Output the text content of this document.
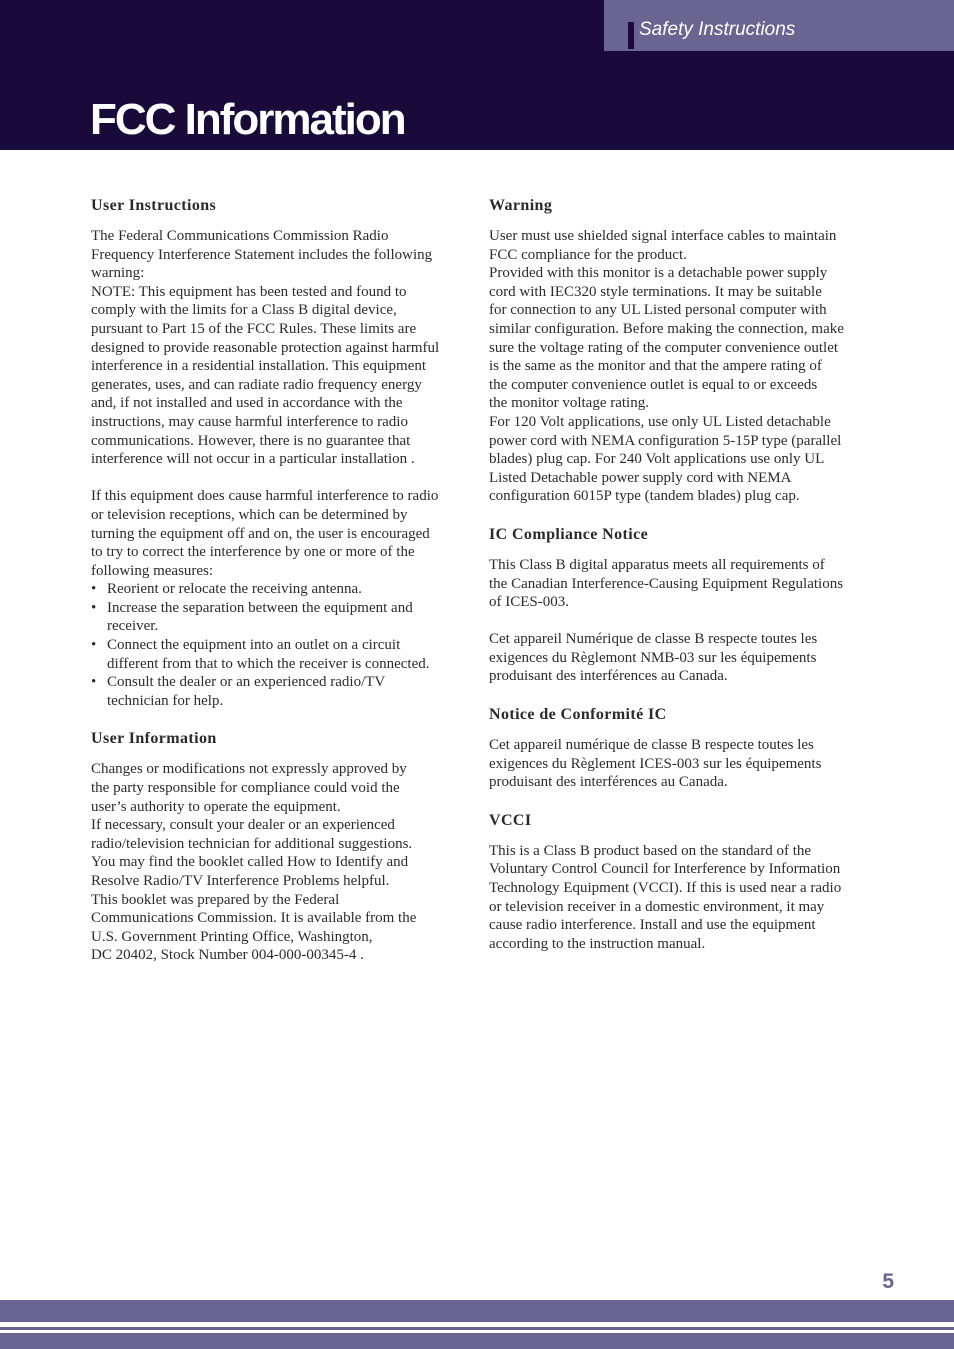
Safety Instructions
FCC Information
User Instructions

The Federal Communications Commission Radio
Frequency Interference Statement includes the following
warning:
NOTE: This equipment has been tested and found to
comply with the limits for a Class B digital device,
pursuant to Part 15 of the FCC Rules. These limits are
designed to provide reasonable protection against harmful
interference in a residential installation. This equipment
generates, uses, and can radiate radio frequency energy
and, if not installed and used in accordance with the
instructions, may cause harmful interference to radio
communications. However, there is no guarantee that
interference will not occur in a particular installation .

If this equipment does cause harmful interference to radio
or television receptions, which can be determined by
turning the equipment off and on, the user is encouraged
to try to correct the interference by one or more of the
following measures:

• Reorient or relocate the receiving antenna.
• Increase the separation between the equipment and
receiver.
• Connect the equipment into an outlet on a circuit
different from that to which the receiver is connected.
• Consult the dealer or an experienced radio/TV
technician for help.
User Information

Changes or modifications not expressly approved by
the party responsible for compliance could void the
user’s authority to operate the equipment.
If necessary, consult your dealer or an experienced
radio/television technician for additional suggestions.
You may find the booklet called How to Identify and
Resolve Radio/TV Interference Problems helpful.
This booklet was prepared by the Federal
Communications Commission. It is available from the
U.S. Government Printing Office, Washington,
DC 20402, Stock Number 004-000-00345-4 .

Warning

User must use shielded signal interface cables to maintain
FCC compliance for the product.
Provided with this monitor is a detachable power supply
cord with IEC320 style terminations. It may be suitable
for connection to any UL Listed personal computer with
similar configuration. Before making the connection, make
sure the voltage rating of the computer convenience outlet
is the same as the monitor and that the ampere rating of
the computer convenience outlet is equal to or exceeds
the monitor voltage rating.
For 120 Volt applications, use only UL Listed detachable
power cord with NEMA configuration 5-15P type (parallel
blades) plug cap. For 240 Volt applications use only UL
Listed Detachable power supply cord with NEMA
configuration 6015P type (tandem blades) plug cap.

IC Compliance Notice

This Class B digital apparatus meets all requirements of
the Canadian Interference-Causing Equipment Regulations
of ICES-003.

Cet appareil Numérique de classe B respecte toutes les
exigences du Règlemont NMB-03 sur les équipements
produisant des interférences au Canada.

Notice de Conformité IC

Cet appareil numérique de classe B respecte toutes les
exigences du Règlement ICES-003 sur les équipements
produisant des interférences au Canada.

VCCI

This is a Class B product based on the standard of the
Voluntary Control Council for Interference by Information
Technology Equipment (VCCI). If this is used near a radio
or television receiver in a domestic environment, it may
cause radio interference. Install and use the equipment
according to the instruction manual.

5
